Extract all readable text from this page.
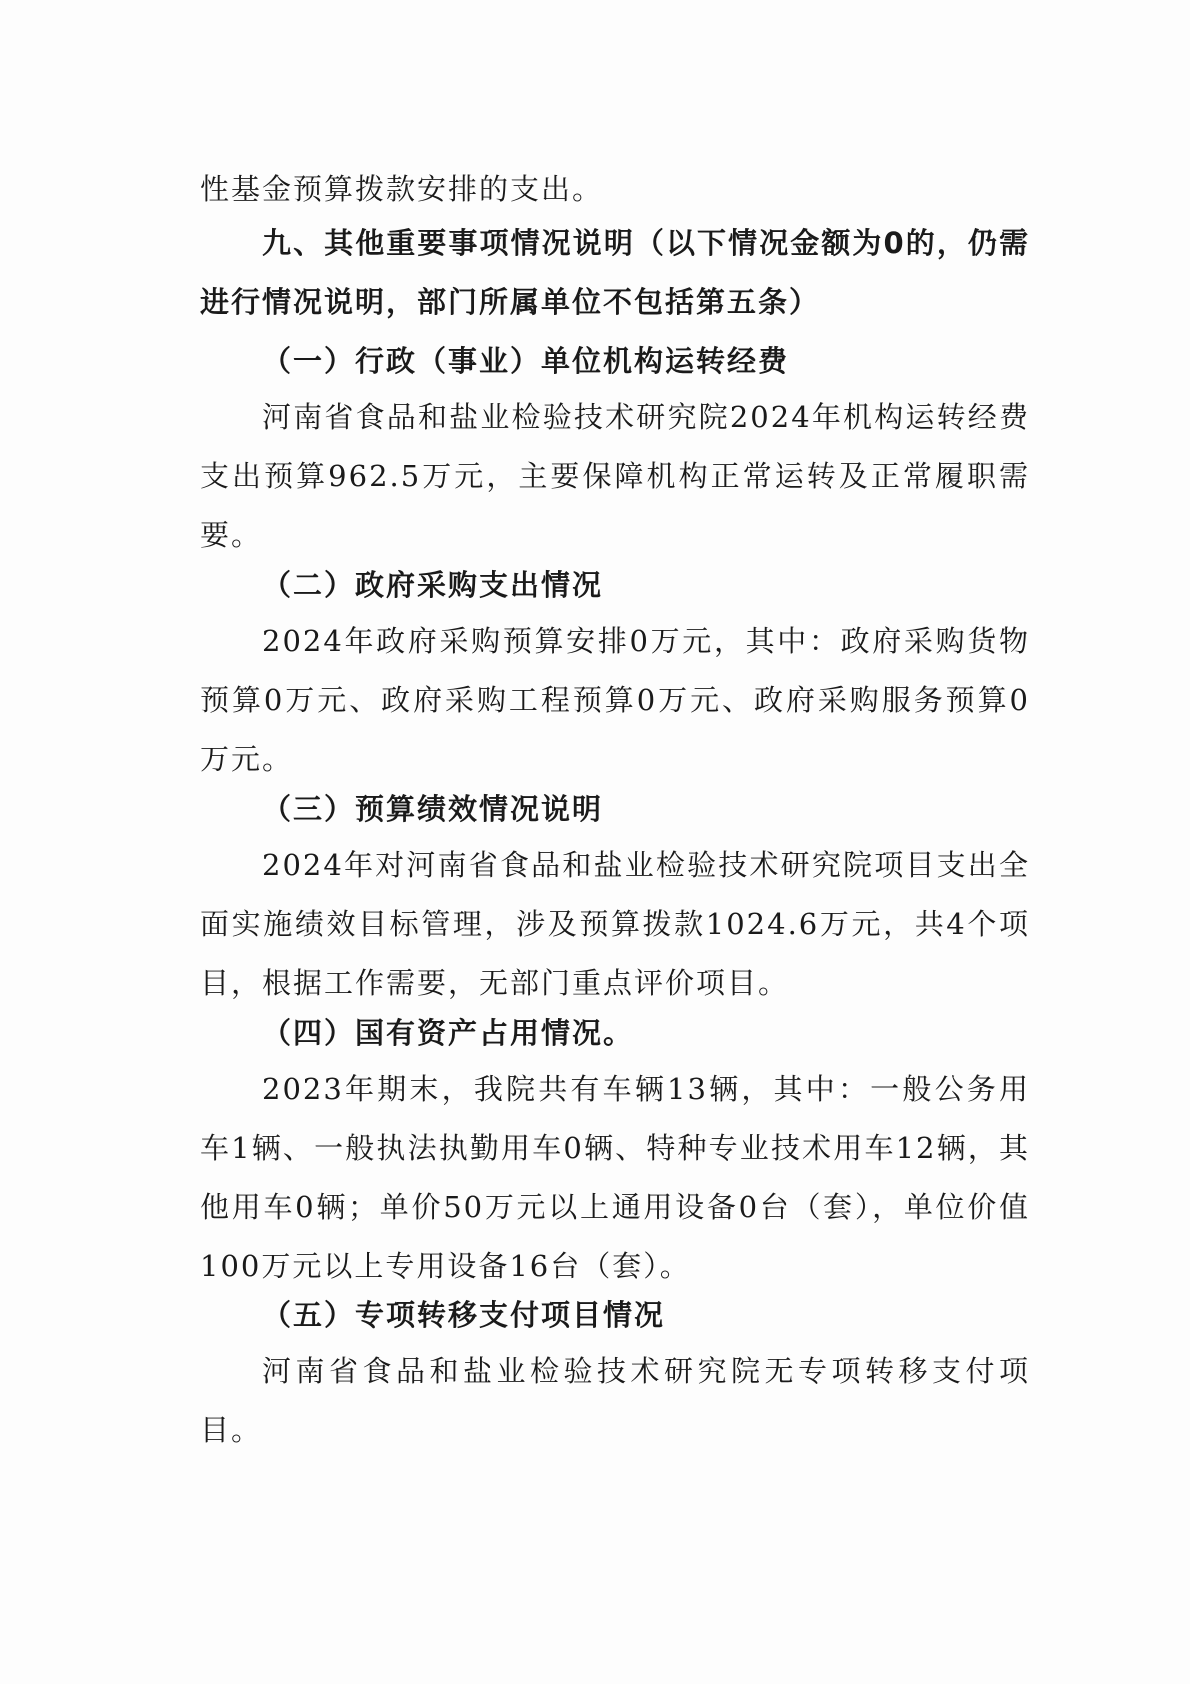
性基金预算拨款安排的支出。

九、其他重要事项情况说明（以下情况金额为0的，仍需进行情况说明，部门所属单位不包括第五条）

（一）行政（事业）单位机构运转经费

河南省食品和盐业检验技术研究院2024年机构运转经费支出预算962.5万元，主要保障机构正常运转及正常履职需要。

（二）政府采购支出情况

2024年政府采购预算安排0万元，其中：政府采购货物预算0万元、政府采购工程预算0万元、政府采购服务预算0万元。

（三）预算绩效情况说明

2024年对河南省食品和盐业检验技术研究院项目支出全面实施绩效目标管理，涉及预算拨款1024.6万元，共4个项目，根据工作需要，无部门重点评价项目。

（四）国有资产占用情况。

2023年期末，我院共有车辆13辆，其中：一般公务用车1辆、一般执法执勤用车0辆、特种专业技术用车12辆，其他用车0辆；单价50万元以上通用设备0台（套），单位价值100万元以上专用设备16台（套）。

（五）专项转移支付项目情况

河南省食品和盐业检验技术研究院无专项转移支付项目。
